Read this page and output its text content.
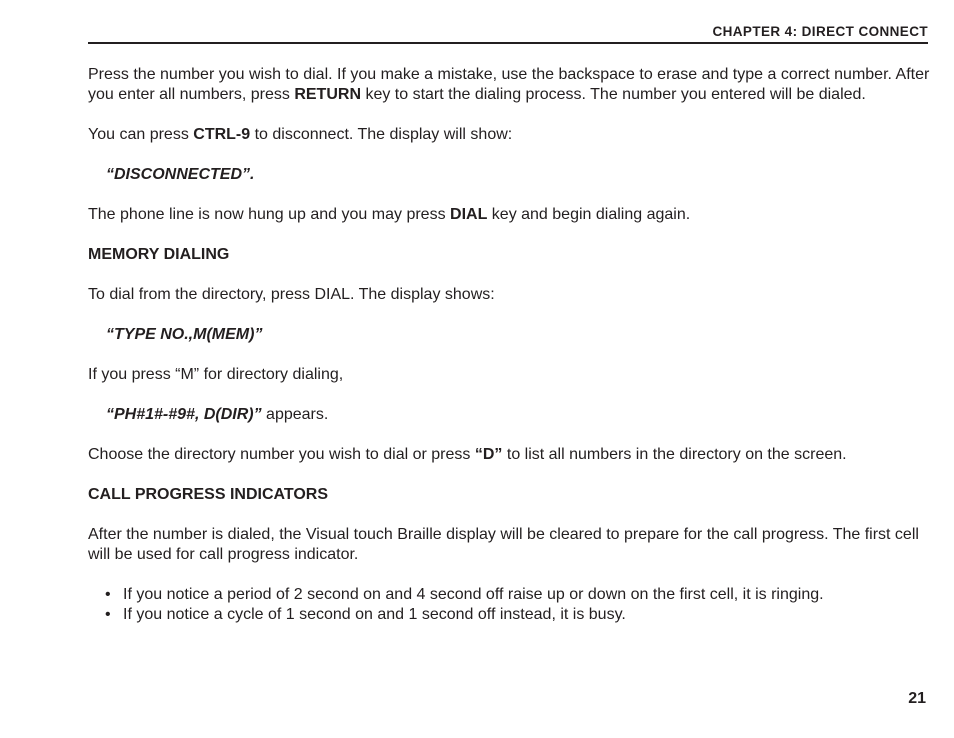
CHAPTER 4: DIRECT CONNECT

Press the number you wish to dial. If you make a mistake, use the backspace to erase and type a correct number. After you enter all numbers, press RETURN key to start the dialing process. The number you entered will be dialed.

You can press CTRL-9 to disconnect. The display will show:

“DISCONNECTED”.

The phone line is now hung up and you may press DIAL key and begin dialing again.

MEMORY DIALING

To dial from the directory, press DIAL. The display shows:

“TYPE NO.,M(MEM)”

If you press “M” for directory dialing,

“PH#1#-#9#, D(DIR)” appears.

Choose the directory number you wish to dial or press “D” to list all numbers in the directory on the screen.

CALL PROGRESS INDICATORS

After the number is dialed, the Visual touch Braille display will be cleared to prepare for the call progress. The first cell will be used for call progress indicator.

• If you notice a period of 2 second on and 4 second off raise up or down on the first cell, it is ringing.
• If you notice a cycle of 1 second on and 1 second off instead, it is busy.
21
